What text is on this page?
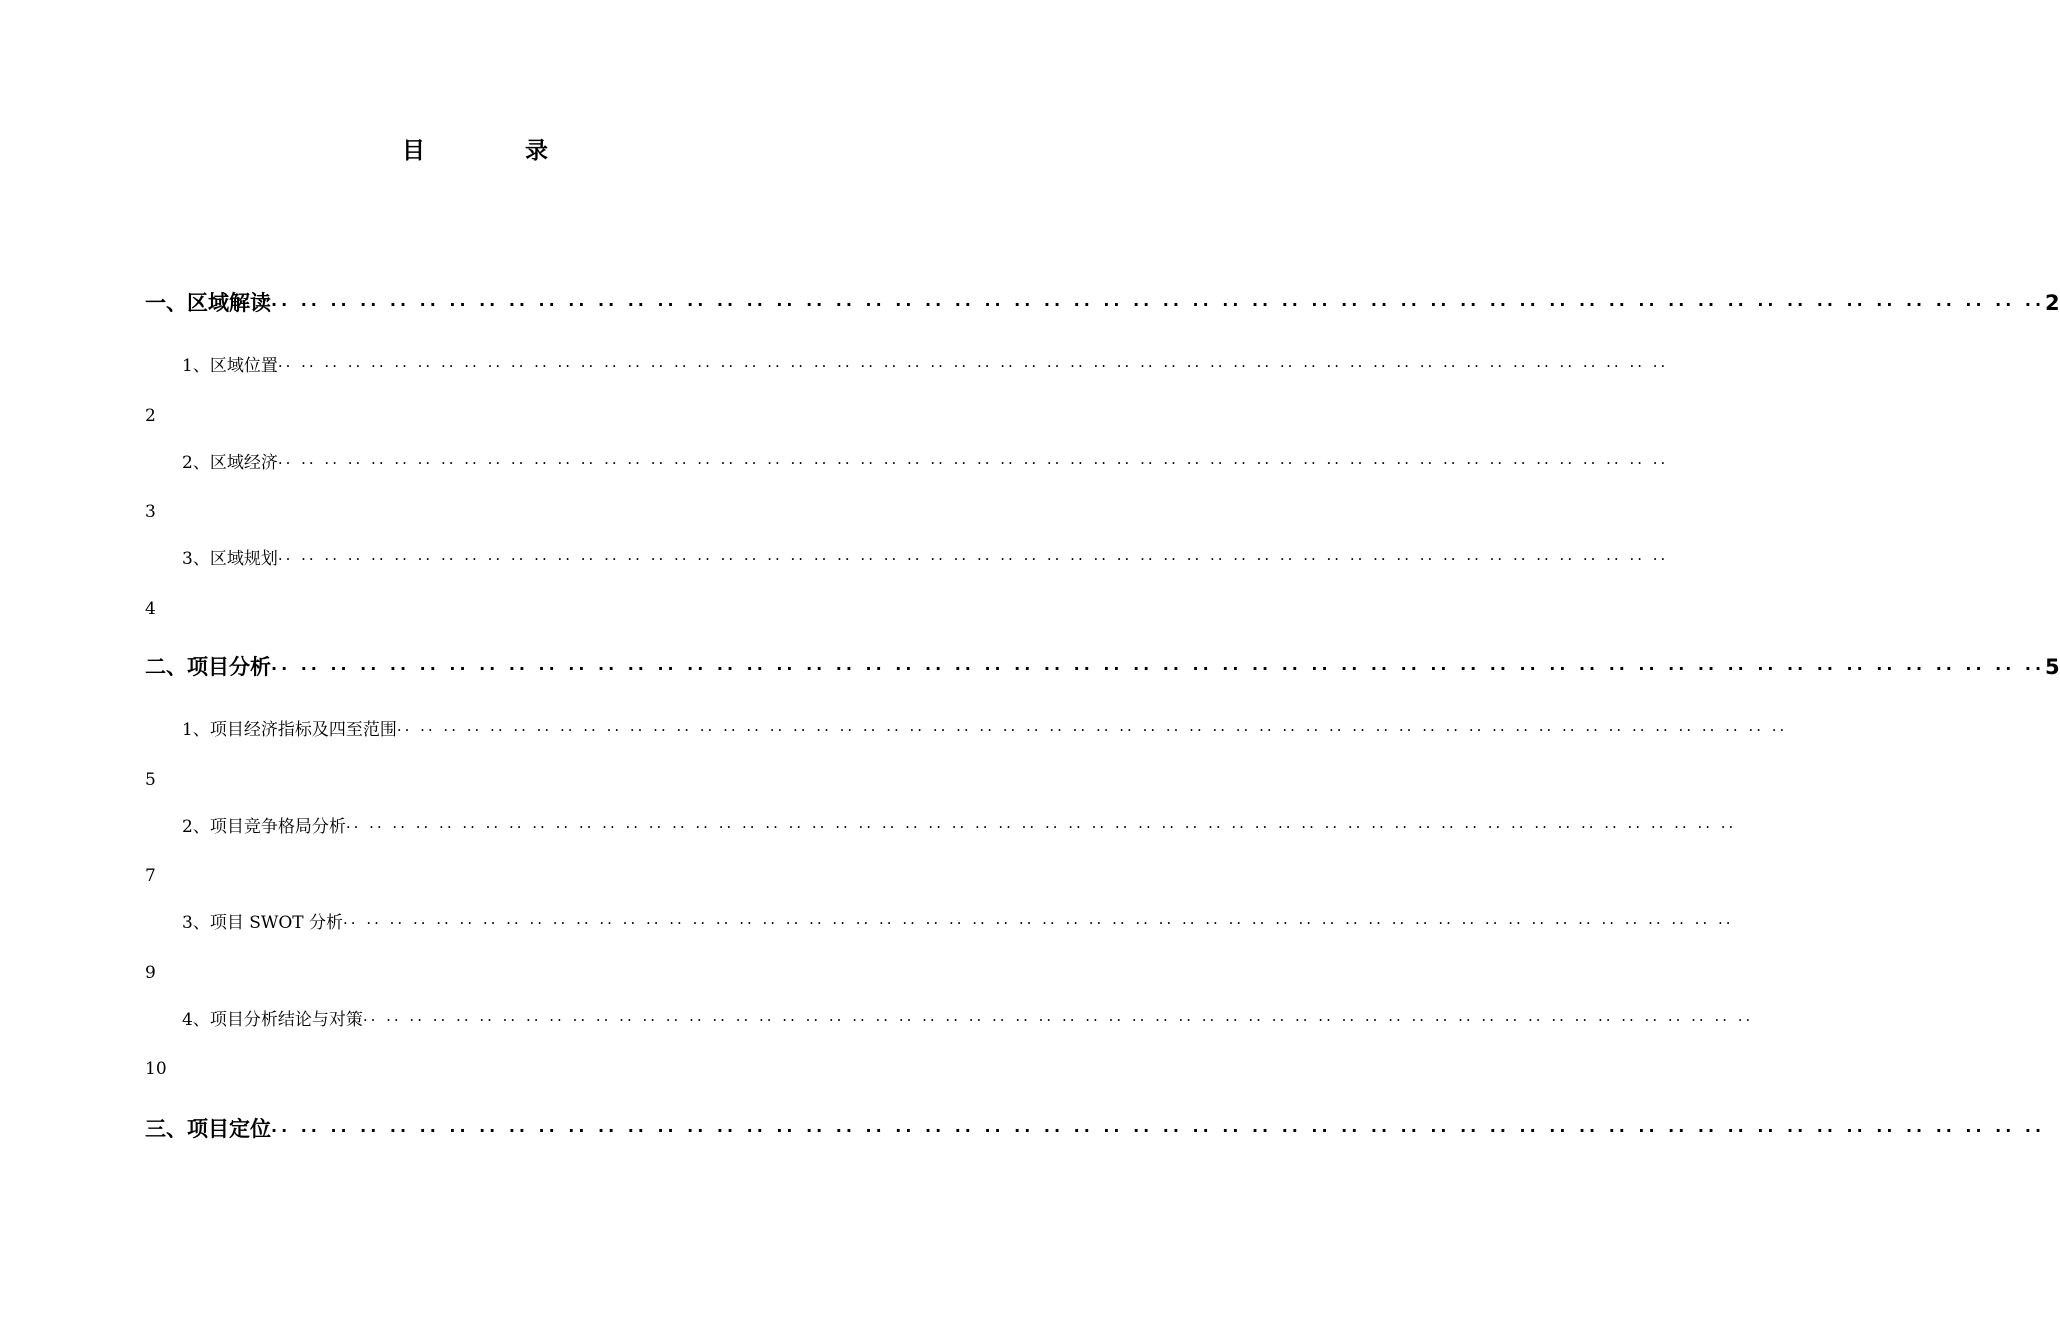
目 录
一、区域解读 ·· ·· ·· ·· ·· ·· ·· ·· ·· ·· ·· ·· ·· ·· ·· ·· ·· ·· ·· ·· ·· ·· ·· ·· ·· ·· ·· ·· ·· ·· ·· ·· ·· ·· ·· ·· ·· ·· ·· ·· ·· ·· ·· ·· ·· ·· ·· ·· ·· ·· ·· ·· ·· ·· ·· ·· ·· ·· ·· ·· 2
1、区域位置 ·· ·· ·· ·· ·· ·· ·· ·· ·· ·· ·· ·· ·· ·· ·· ·· ·· ·· ·· ·· ·· ·· ·· ·· ·· ·· ·· ·· ·· ·· ·· ·· ·· ·· ·· ·· ·· ·· ·· ·· ·· ·· ·· ·· ·· ·· ·· ·· ·· ·· ·· ·· ·· ·· ·· ·· ·· ·· ·· ··
2
2、区域经济 ·· ·· ·· ·· ·· ·· ·· ·· ·· ·· ·· ·· ·· ·· ·· ·· ·· ·· ·· ·· ·· ·· ·· ·· ·· ·· ·· ·· ·· ·· ·· ·· ·· ·· ·· ·· ·· ·· ·· ·· ·· ·· ·· ·· ·· ·· ·· ·· ·· ·· ·· ·· ·· ·· ·· ·· ·· ·· ·· ··
3
3、区域规划 ·· ·· ·· ·· ·· ·· ·· ·· ·· ·· ·· ·· ·· ·· ·· ·· ·· ·· ·· ·· ·· ·· ·· ·· ·· ·· ·· ·· ·· ·· ·· ·· ·· ·· ·· ·· ·· ·· ·· ·· ·· ·· ·· ·· ·· ·· ·· ·· ·· ·· ·· ·· ·· ·· ·· ·· ·· ·· ·· ··
4
二、项目分析 ·· ·· ·· ·· ·· ·· ·· ·· ·· ·· ·· ·· ·· ·· ·· ·· ·· ·· ·· ·· ·· ·· ·· ·· ·· ·· ·· ·· ·· ·· ·· ·· ·· ·· ·· ·· ·· ·· ·· ·· ·· ·· ·· ·· ·· ·· ·· ·· ·· ·· ·· ·· ·· ·· ·· ·· ·· ·· ·· ·· 5
1、项目经济指标及四至范围 ·· ·· ·· ·· ·· ·· ·· ·· ·· ·· ·· ·· ·· ·· ·· ·· ·· ·· ·· ·· ·· ·· ·· ·· ·· ·· ·· ·· ·· ·· ·· ·· ·· ·· ·· ·· ·· ·· ·· ·· ·· ·· ·· ·· ·· ·· ·· ·· ·· ·· ·· ·· ·· ·· ·· ·· ·· ·· ·· ··
5
2、项目竞争格局分析 ·· ·· ·· ·· ·· ·· ·· ·· ·· ·· ·· ·· ·· ·· ·· ·· ·· ·· ·· ·· ·· ·· ·· ·· ·· ·· ·· ·· ·· ·· ·· ·· ·· ·· ·· ·· ·· ·· ·· ·· ·· ·· ·· ·· ·· ·· ·· ·· ·· ·· ·· ·· ·· ·· ·· ·· ·· ·· ·· ··
7
3、项目 SWOT 分析 ·· ·· ·· ·· ·· ·· ·· ·· ·· ·· ·· ·· ·· ·· ·· ·· ·· ·· ·· ·· ·· ·· ·· ·· ·· ·· ·· ·· ·· ·· ·· ·· ·· ·· ·· ·· ·· ·· ·· ·· ·· ·· ·· ·· ·· ·· ·· ·· ·· ·· ·· ·· ·· ·· ·· ·· ·· ·· ·· ··
9
4、项目分析结论与对策 ·· ·· ·· ·· ·· ·· ·· ·· ·· ·· ·· ·· ·· ·· ·· ·· ·· ·· ·· ·· ·· ·· ·· ·· ·· ·· ·· ·· ·· ·· ·· ·· ·· ·· ·· ·· ·· ·· ·· ·· ·· ·· ·· ·· ·· ·· ·· ·· ·· ·· ·· ·· ·· ·· ·· ·· ·· ·· ·· ··
10
三、项目定位 ·· ·· ·· ·· ·· ·· ·· ·· ·· ·· ·· ·· ·· ·· ·· ·· ·· ·· ·· ·· ·· ·· ·· ·· ·· ·· ·· ·· ·· ·· ·· ·· ·· ·· ·· ·· ·· ·· ·· ·· ·· ·· ·· ·· ·· ·· ·· ·· ·· ·· ·· ·· ·· ·· ·· ·· ·· ·· ·· ··
